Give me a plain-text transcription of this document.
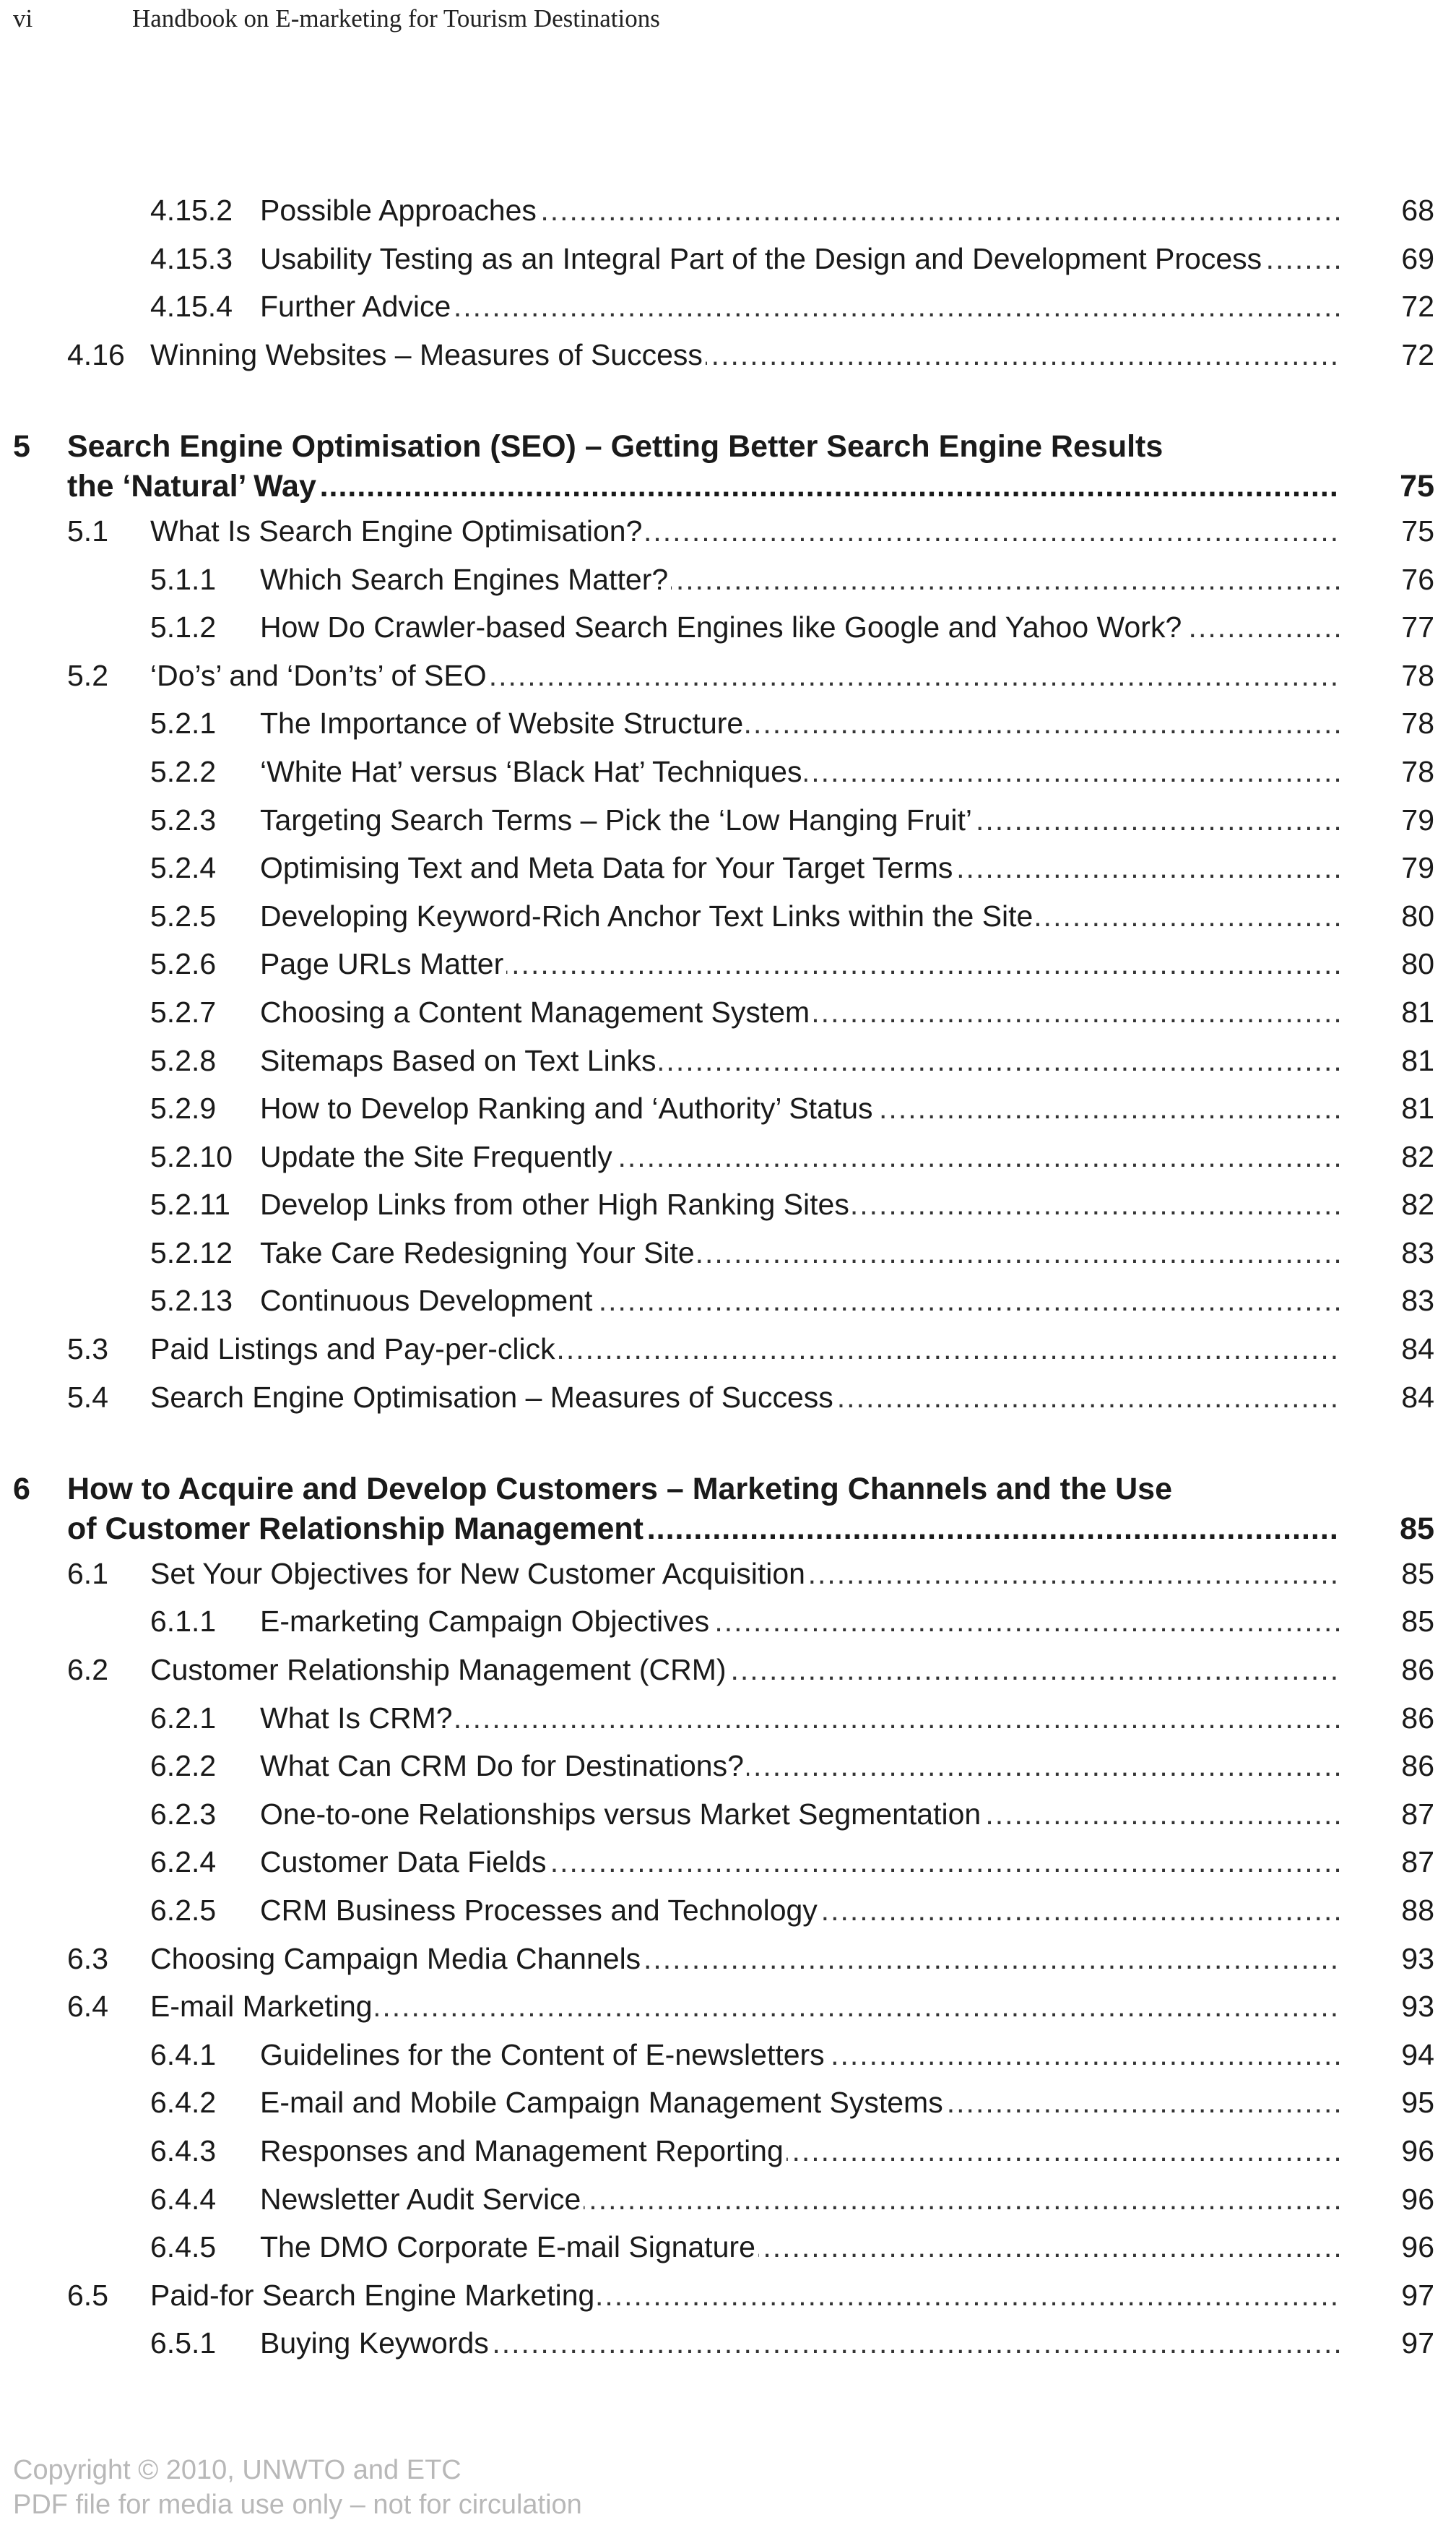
vi	Handbook on E-marketing for Tourism Destinations
4.15.2 Possible Approaches .....	68
4.15.3 Usability Testing as an Integral Part of the Design and Development Process .....	69
4.15.4 Further Advice .....	72
4.16 Winning Websites – Measures of Success .....	72
5 Search Engine Optimisation (SEO) – Getting Better Search Engine Results
the ‘Natural’ Way .....	75
5.1 What Is Search Engine Optimisation? .....	75
5.1.1 Which Search Engines Matter? .....	76
5.1.2 How Do Crawler-based Search Engines like Google and Yahoo Work? .....	77
5.2 ‘Do’s’ and ‘Don’ts’ of SEO .....	78
5.2.1 The Importance of Website Structure .....	78
5.2.2 ‘White Hat’ versus ‘Black Hat’ Techniques .....	78
5.2.3 Targeting Search Terms – Pick the ‘Low Hanging Fruit’ .....	79
5.2.4 Optimising Text and Meta Data for Your Target Terms .....	79
5.2.5 Developing Keyword-Rich Anchor Text Links within the Site .....	80
5.2.6 Page URLs Matter .....	80
5.2.7 Choosing a Content Management System .....	81
5.2.8 Sitemaps Based on Text Links .....	81
5.2.9 How to Develop Ranking and ‘Authority’ Status .....	81
5.2.10 Update the Site Frequently .....	82
5.2.11 Develop Links from other High Ranking Sites .....	82
5.2.12 Take Care Redesigning Your Site .....	83
5.2.13 Continuous Development .....	83
5.3 Paid Listings and Pay-per-click .....	84
5.4 Search Engine Optimisation – Measures of Success .....	84
6 How to Acquire and Develop Customers – Marketing Channels and the Use
of Customer Relationship Management .....	85
6.1 Set Your Objectives for New Customer Acquisition .....	85
6.1.1 E-marketing Campaign Objectives .....	85
6.2 Customer Relationship Management (CRM) .....	86
6.2.1 What Is CRM? .....	86
6.2.2 What Can CRM Do for Destinations? .....	86
6.2.3 One-to-one Relationships versus Market Segmentation .....	87
6.2.4 Customer Data Fields .....	87
6.2.5 CRM Business Processes and Technology .....	88
6.3 Choosing Campaign Media Channels .....	93
6.4 E-mail Marketing .....	93
6.4.1 Guidelines for the Content of E-newsletters .....	94
6.4.2 E-mail and Mobile Campaign Management Systems .....	95
6.4.3 Responses and Management Reporting .....	96
6.4.4 Newsletter Audit Service .....	96
6.4.5 The DMO Corporate E-mail Signature .....	96
6.5 Paid-for Search Engine Marketing .....	97
6.5.1 Buying Keywords .....	97
Copyright © 2010, UNWTO and ETC
PDF file for media use only – not for circulation
